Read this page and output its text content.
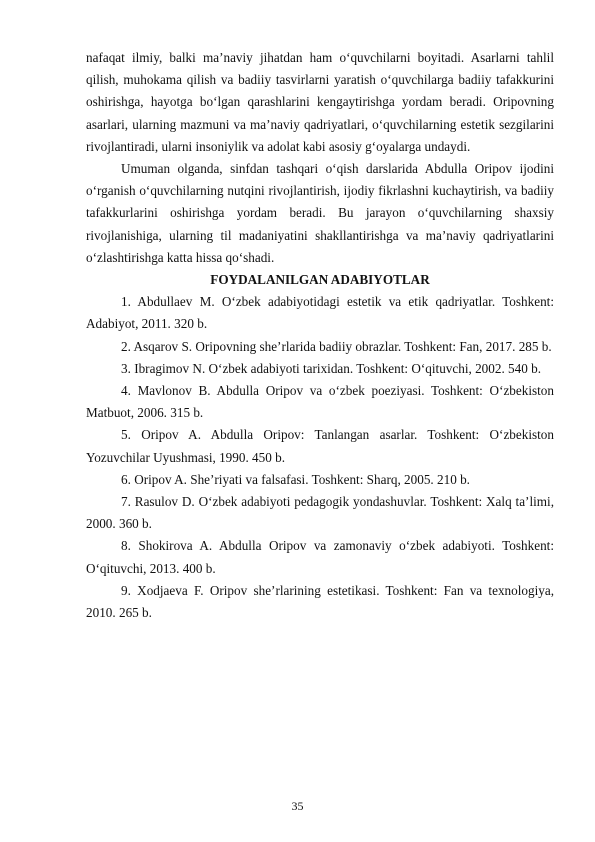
nafaqat ilmiy, balki maʼnaviy jihatdan ham oʻquvchilarni boyitadi. Asarlarni tahlil qilish, muhokama qilish va badiiy tasvirlarni yaratish oʻquvchilarga badiiy tafakkurini oshirishga, hayotga boʻlgan qarashlarini kengaytirishga yordam beradi. Oripovning asarlari, ularning mazmuni va maʼnaviy qadriyatlari, oʻquvchilarning estetik sezgilarini rivojlantiradi, ularni insoniylik va adolat kabi asosiy gʻoyalarga undaydi.

Umuman olganda, sinfdan tashqari oʻqish darslarida Abdulla Oripov ijodini oʻrganish oʻquvchilarning nutqini rivojlantirish, ijodiy fikrlashni kuchaytirish, va badiiy tafakkurlarini oshirishga yordam beradi. Bu jarayon oʻquvchilarning shaxsiy rivojlanishiga, ularning til madaniyatini shakllantirishga va maʼnaviy qadriyatlarini oʻzlashtirishga katta hissa qoʻshadi.

FOYDALANILGAN ADABIYOTLAR

1. Abdullaev M. Oʻzbek adabiyotidagi estetik va etik qadriyatlar. Toshkent: Adabiyot, 2011. 320 b.

2. Asqarov S. Oripovning sheʼrlarida badiiy obrazlar. Toshkent: Fan, 2017. 285 b.

3. Ibragimov N. Oʻzbek adabiyoti tarixidan. Toshkent: Oʻqituvchi, 2002. 540 b.

4. Mavlonov B. Abdulla Oripov va oʻzbek poeziyasi. Toshkent: Oʻzbekiston Matbuot, 2006. 315 b.

5. Oripov A. Abdulla Oripov: Tanlangan asarlar. Toshkent: Oʻzbekiston Yozuvchilar Uyushmasi, 1990. 450 b.

6. Oripov A. Sheʼriyati va falsafasi. Toshkent: Sharq, 2005. 210 b.

7. Rasulov D. Oʻzbek adabiyoti pedagogik yondashuvlar. Toshkent: Xalq taʼlimi, 2000. 360 b.

8. Shokirova A. Abdulla Oripov va zamonaviy oʻzbek adabiyoti. Toshkent: Oʻqituvchi, 2013. 400 b.

9. Xodjaeva F. Oripov sheʼrlarining estetikasi. Toshkent: Fan va texnologiya, 2010. 265 b.

35
